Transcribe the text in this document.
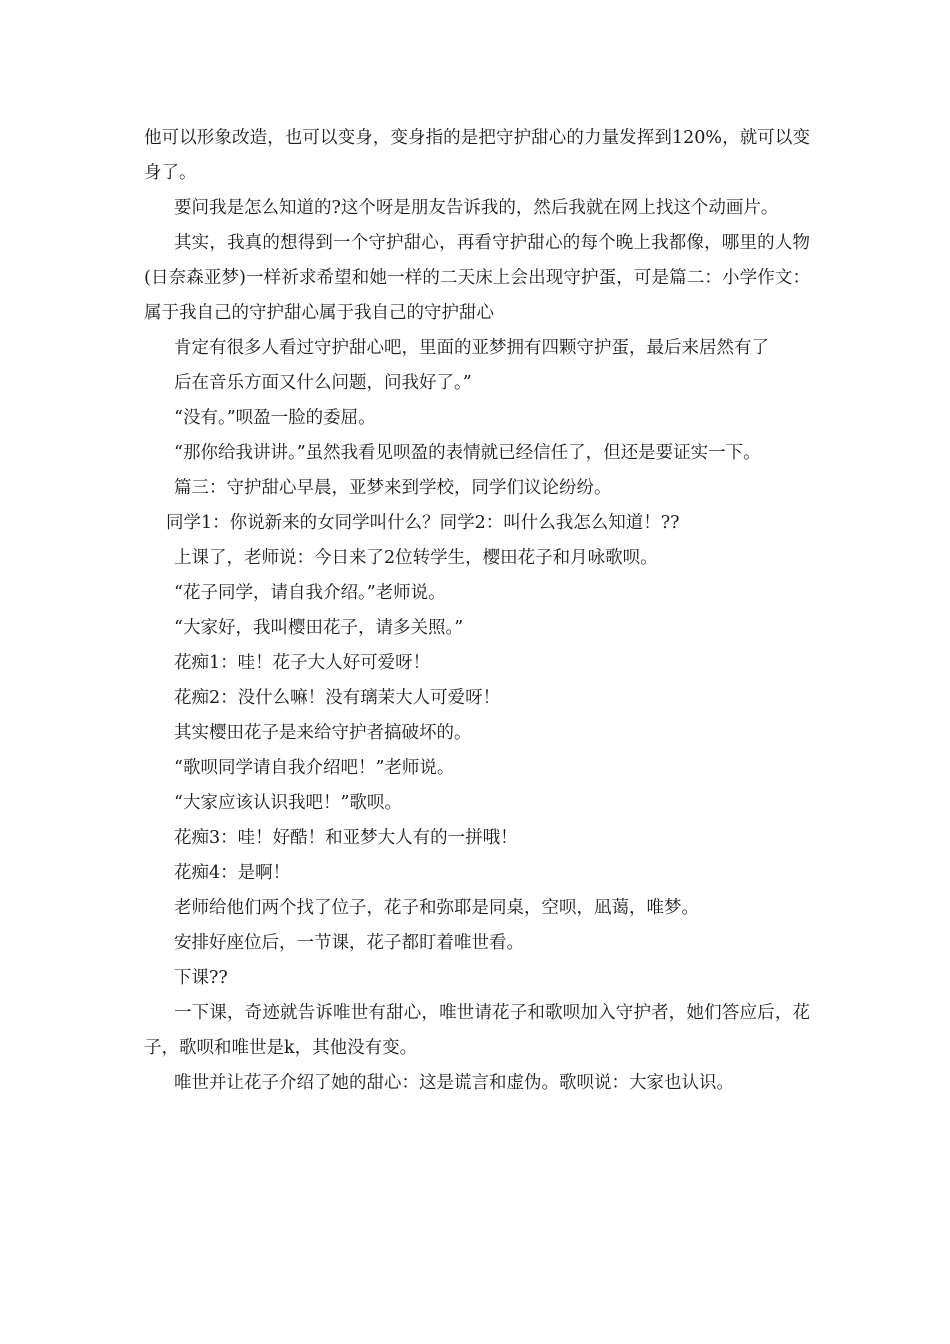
他可以形象改造，也可以变身，变身指的是把守护甜心的力量发挥到120%，就可以变身了。

要问我是怎么知道的?这个呀是朋友告诉我的，然后我就在网上找这个动画片。

其实，我真的想得到一个守护甜心，再看守护甜心的每个晚上我都像，哪里的人物(日奈森亚梦)一样祈求希望和她一样的二天床上会出现守护蛋，可是篇二：小学作文：属于我自己的守护甜心属于我自己的守护甜心

肯定有很多人看过守护甜心吧，里面的亚梦拥有四颗守护蛋，最后来居然有了

后在音乐方面又什么问题，问我好了。”

“没有。”呗盈一脸的委屈。

“那你给我讲讲。”虽然我看见呗盈的表情就已经信任了，但还是要证实一下。

篇三：守护甜心早晨，亚梦来到学校，同学们议论纷纷。

同学1：你说新来的女同学叫什么？同学2：叫什么我怎么知道！??

上课了，老师说：今日来了2位转学生，樱田花子和月咏歌呗。

“花子同学，请自我介绍。”老师说。

“大家好，我叫樱田花子，请多关照。”

花痴1：哇！花子大人好可爱呀！

花痴2：没什么嘛！没有璃茉大人可爱呀！

其实樱田花子是来给守护者搞破坏的。

“歌呗同学请自我介绍吧！”老师说。

“大家应该认识我吧！”歌呗。

花痴3：哇！好酷！和亚梦大人有的一拼哦！

花痴4：是啊！

老师给他们两个找了位子，花子和弥耶是同桌，空呗，凪蔼，唯梦。

安排好座位后，一节课，花子都盯着唯世看。

下课??

一下课，奇迹就告诉唯世有甜心，唯世请花子和歌呗加入守护者，她们答应后，花子，歌呗和唯世是k，其他没有变。

唯世并让花子介绍了她的甜心：这是谎言和虚伪。歌呗说：大家也认识。
